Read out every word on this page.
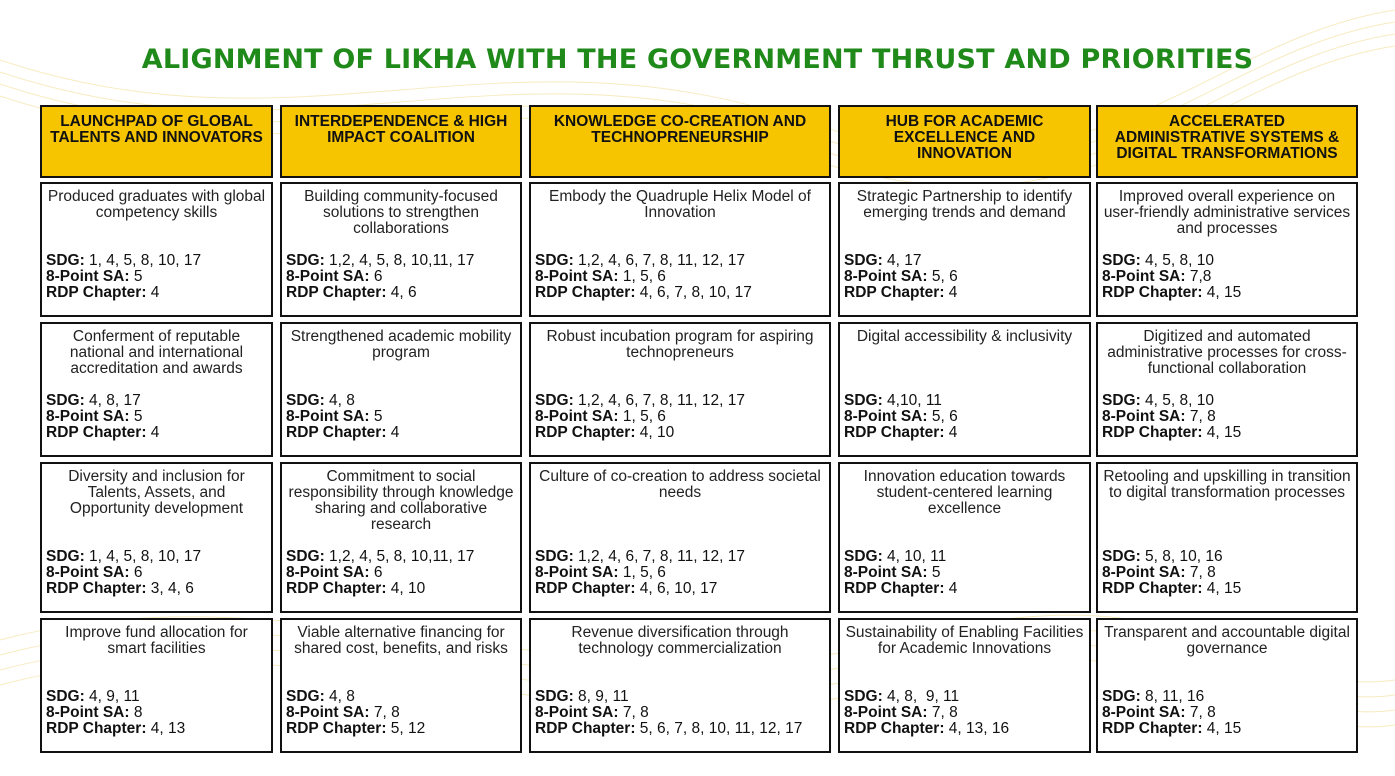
ALIGNMENT OF LIKHA WITH THE GOVERNMENT THRUST AND PRIORITIES
LAUNCHPAD OF GLOBAL TALENTS AND INNOVATORS
Produced graduates with global competency skills
SDG: 1, 4, 5, 8, 10, 17
8-Point SA: 5
RDP Chapter: 4
Conferment of reputable national and international accreditation and awards
SDG: 4, 8, 17
8-Point SA: 5
RDP Chapter: 4
Diversity and inclusion for Talents, Assets, and Opportunity development
SDG: 1, 4, 5, 8, 10, 17
8-Point SA: 6
RDP Chapter: 3, 4, 6
Improve fund allocation for smart facilities
SDG: 4, 9, 11
8-Point SA: 8
RDP Chapter: 4, 13
INTERDEPENDENCE & HIGH IMPACT COALITION
Building community-focused solutions to strengthen collaborations
SDG: 1,2, 4, 5, 8, 10,11, 17
8-Point SA: 6
RDP Chapter: 4, 6
Strengthened academic mobility program
SDG: 4, 8
8-Point SA: 5
RDP Chapter: 4
Commitment to social responsibility through knowledge sharing and collaborative research
SDG: 1,2, 4, 5, 8, 10,11, 17
8-Point SA: 6
RDP Chapter: 4, 10
Viable alternative financing for shared cost, benefits, and risks
SDG: 4, 8
8-Point SA: 7, 8
RDP Chapter: 5, 12
KNOWLEDGE CO-CREATION AND TECHNOPRENEURSHIP
Embody the Quadruple Helix Model of Innovation
SDG: 1,2, 4, 6, 7, 8, 11, 12, 17
8-Point SA: 1, 5, 6
RDP Chapter: 4, 6, 7, 8, 10, 17
Robust incubation program for aspiring technopreneurs
SDG: 1,2, 4, 6, 7, 8, 11, 12, 17
8-Point SA: 1, 5, 6
RDP Chapter: 4, 10
Culture of co-creation to address societal needs
SDG: 1,2, 4, 6, 7, 8, 11, 12, 17
8-Point SA: 1, 5, 6
RDP Chapter: 4, 6, 10, 17
Revenue diversification through technology commercialization
SDG: 8, 9, 11
8-Point SA: 7, 8
RDP Chapter: 5, 6, 7, 8, 10, 11, 12, 17
HUB FOR ACADEMIC EXCELLENCE AND INNOVATION
Strategic Partnership to identify emerging trends and demand
SDG: 4, 17
8-Point SA: 5, 6
RDP Chapter: 4
Digital accessibility & inclusivity
SDG: 4,10, 11
8-Point SA: 5, 6
RDP Chapter: 4
Innovation education towards student-centered learning excellence
SDG: 4, 10, 11
8-Point SA: 5
RDP Chapter: 4
Sustainability of Enabling Facilities for Academic Innovations
SDG: 4, 8,  9, 11
8-Point SA: 7, 8
RDP Chapter: 4, 13, 16
ACCELERATED ADMINISTRATIVE SYSTEMS & DIGITAL TRANSFORMATIONS
Improved overall experience on user-friendly administrative services and processes
SDG: 4, 5, 8, 10
8-Point SA: 7,8
RDP Chapter: 4, 15
Digitized and automated administrative processes for cross-functional collaboration
SDG: 4, 5, 8, 10
8-Point SA: 7, 8
RDP Chapter: 4, 15
Retooling and upskilling in transition to digital transformation processes
SDG: 5, 8, 10, 16
8-Point SA: 7, 8
RDP Chapter: 4, 15
Transparent and accountable digital governance
SDG: 8, 11, 16
8-Point SA: 7, 8
RDP Chapter: 4, 15
